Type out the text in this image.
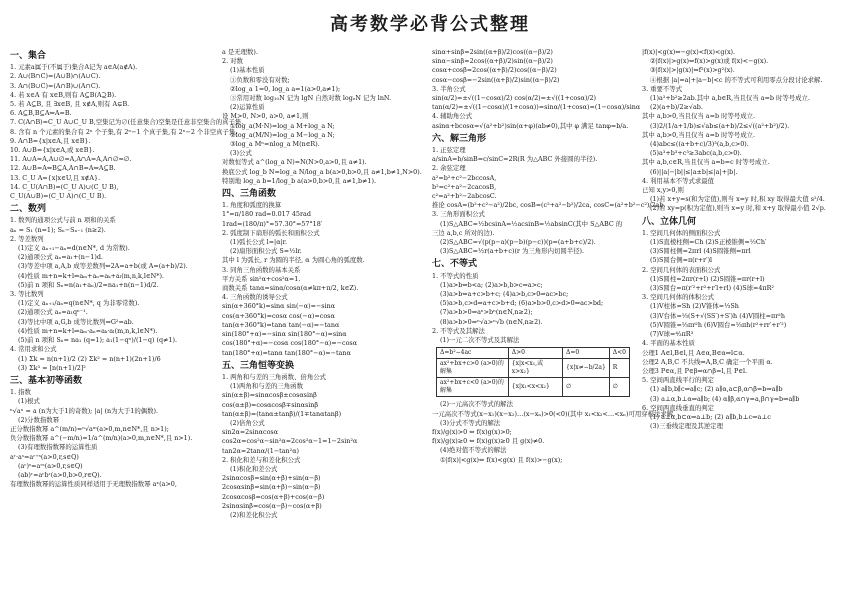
高考数学必背公式整理
一、集合
1. 元素a属于(不属于)集合A记为 a∈A(a∉A).
2. A∪(B∩C)=(A∪B)∩(A∪C).
3. A∩(B∪C)=(A∩B)∪(A∩C).
4. 若 x∈A 有 x∈B,则有 A⊆B(A⊇B).
5. 若 A⊆B, 且 ∃x∈B, 且 x∉A,则有 A⊊B.
6. A⊆B,B⊆A⇔A=B.
7. C(A∩B)=C_U A∪C_U B,空集记为∅(任意集合)空集是任意非空集合的真子集.
8. 含有 n 个元素的集合有 2ⁿ 个子集,有 2ⁿ−1 个真子集,有 2ⁿ−2 个非空真子集.
9. A∩B={x|x∈A,且 x∈B}.
10. A∪B={x|x∈A,或 x∈B}.
11. A∪A=A,A∪∅=A,A∩A=A,A∩∅=∅.
12. A∪B=A⇔B⊆A,A∩B=A⇔A⊆B.
13. C_U A={x|x∈U,且 x∉A}.
14. C_U(A∩B)=(C_U A)∪(C_U B),
C_U(A∪B)=(C_U A)∩(C_U B).
二、数列
1. 数列的通项公式与前 n 项和的关系
aₙ = S₁ (n=1); Sₙ−Sₙ₋₁ (n≥2).
2. 等差数列
(1)定义 aₙ₊₁−aₙ=d(n∈N*, d 为常数).
(2)通项公式 aₙ=a₁+(n−1)d.
(3)等差中项 a,A,b 成等差数列⇔2A=a+b(或 A=(a+b)/2).
(4)性质 m+n=k+l⇒aₘ+aₙ=aₖ+aₗ(m,n,k,l∈N*).
(5)前 n 项和 Sₙ=n(a₁+aₙ)/2=na₁+n(n−1)d/2.
3. 等比数列
(1)定义 aₙ₊₁/aₙ=q(n∈N*, q 为非零常数).
(2)通项公式 aₙ=a₁qⁿ⁻¹.
(3)等比中项 a,G,b 成等比数列⇒G²=ab.
(4)性质 m+n=k+l⇒aₘ·aₙ=aₖ·aₗ(m,n,k,l∈N*).
(5)前 n 项和 Sₙ= na₁ (q=1); a₁(1−qⁿ)/(1−q) (q≠1).
4. 常用求和公式
(1) Σk = n(n+1)/2 (2) Σk² = n(n+1)(2n+1)/6
(3) Σk³ = [n(n+1)/2]²
三、基本初等函数
1. 指数
(1)根式
ⁿ√aⁿ = a (n为大于1的奇数); |a| (n为大于1的偶数).
(2)分数指数幂
正分数指数幂 a^(m/n)=ⁿ√aᵐ(a>0,m,n∈N*,且 n>1);
负分数指数幂 a^(−m/n)=1/a^(m/n)(a>0,m,n∈N*,且 n>1).
(3)有理数指数幂的运算性质
aʳ·aˢ=aʳ⁺ˢ(a>0,r,s∈Q)
(aʳ)ˢ=aʳˢ(a>0,r,s∈Q)
(ab)ʳ=aʳbʳ(a>0,b>0,r∈Q).
有理数指数幂的运算性质同样适用于无理数指数幂 aˣ(a>0,
a 是无理数).
2. 对数
(1)基本性质
①负数和零没有对数;
②log_a 1=0, log_a a=1(a>0,a≠1);
③常用对数 log₁₀N 记为 lgN 自然对数 logₑN 记为 lnN.
(2)运算性质
设 M>0, N>0, a>0, a≠1,则
①log_a(M·N)=log_a M+log_a N;
②log_a(M/N)=log_a M−log_a N;
③log_a Mⁿ=nlog_a M(n∈R).
(3)公式
对数恒等式 a^(log_a N)=N(N>0,a>0,且 a≠1).
换底公式 log_b N=log_a N/log_a b(a>0,b>0,且 a≠1,b≠1,N>0).
特别地 log_a b=1/log_b a(a>0,b>0,且 a≠1,b≠1).
四、三角函数
1. 角度和弧度的换算
1°=π/180 rad≈0.017 45rad
1rad=(180/π)°≈57.30°=57°18′
2. 弧度制下扇形的弧长和面积公式
(1)弧长公式 l=|α|r.
(2)扇形面积公式 S=½lr.
其中 l 为弧长, r 为圆的半径, α 为圆心角的弧度数.
3. 同角三角函数的基本关系
平方关系 sin²α+cos²α=1.
商数关系 tanα=sinα/cosα(α≠kπ+π/2, k∈Z).
4. 三角函数的诱导公式
sin(α+360°k)=sinα sin(−α)=−sinα
cos(α+360°k)=cosα cos(−α)=cosα
tan(α+360°k)=tanα tan(−α)=−tanα
sin(180°+α)=−sinα sin(180°−α)=sinα
cos(180°+α)=−cosα cos(180°−α)=−cosα
tan(180°+α)=tanα tan(180°−α)=−tanα
五、三角恒等变换
1. 两角和与差的三角函数、倍角公式
(1)两角和与差的三角函数
sin(α±β)=sinαcosβ±cosαsinβ
cos(α±β)=cosαcosβ∓sinαsinβ
tan(α±β)=(tanα±tanβ)/(1∓tanαtanβ)
(2)倍角公式
sin2α=2sinαcosα
cos2α=cos²α−sin²α=2cos²α−1=1−2sin²α
tan2α=2tanα/(1−tan²α)
2. 积化和差与和差化积公式
(1)积化和差公式
2sinαcosβ=sin(α+β)+sin(α−β)
2cosαsinβ=sin(α+β)−sin(α−β)
2cosαcosβ=cos(α+β)+cos(α−β)
2sinαsinβ=cos(α−β)−cos(α+β)
(2)和差化积公式
sinα+sinβ=2sin((α+β)/2)cos((α−β)/2)
sinα−sinβ=2cos((α+β)/2)sin((α−β)/2)
cosα+cosβ=2cos((α+β)/2)cos((α−β)/2)
cosα−cosβ=−2sin((α+β)/2)sin((α−β)/2)
3. 半角公式
sin(α/2)=±√((1−cosα)/2) cos(α/2)=±√((1+cosα)/2)
tan(α/2)=±√((1−cosα)/(1+cosα))=sinα/(1+cosα)=(1−cosα)/sinα
4. 辅助角公式
asinα+bcosα=√(a²+b²)sin(α+φ)(ab≠0),其中 φ 满足 tanφ=b/a.
六、解三角形
1. 正弦定理
a/sinA=b/sinB=c/sinC=2R(R 为△ABC 外接圆的半径).
2. 余弦定理
a²=b²+c²−2bccosA,
b²=c²+a²−2cacosB,
c²=a²+b²−2abcosC.
推论 cosA=(b²+c²−a²)/2bc, cosB=(c²+a²−b²)/2ca, cosC=(a²+b²−c²)/2ab.
3. 三角形面积公式
(1)S△ABC=½bcsinA=½acsinB=½absinC(其中 S△ABC 的
三边 a,b,c 所对的边).
(2)S△ABC=√(p(p−a)(p−b)(p−c))(p=(a+b+c)/2).
(3)S△ABC=½r(a+b+c)(r 为三角形内切圆半径).
七、不等式
1. 不等式的性质
(1)a>b⇔b<a; (2)a>b,b>c⇒a>c;
(3)a>b⇔a+c>b+c; (4)a>b,c>0⇒ac>bc;
(5)a>b,c>d⇒a+c>b+d; (6)a>b>0,c>d>0⇒ac>bd;
(7)a>b>0⇒aⁿ>bⁿ(n∈N,n≥2);
(8)a>b>0⇒ⁿ√a>ⁿ√b (n∈N,n≥2).
2. 不等式及其解法
(1)一元二次不等式及其解法
Δ=b²−4ac	Δ>0	Δ=0	Δ<0
ax²+bx+c>0 (a>0)的解集	{x|x<x₁,或 x>x₂}	{x|x≠−b/2a}	R
ax²+bx+c<0 (a>0)的解集	{x|x₁<x<x₂}	∅	∅
(2)一元高次不等式的解法
一元高次不等式(x−x₁)(x−x₂)…(x−xₙ)>0(<0)(其中 x₁<x₂<…<xₙ)可用穿根法求解.
(3)分式不等式的解法
f(x)/g(x)>0 ⇔ f(x)g(x)>0;
f(x)/g(x)≥0 ⇔ f(x)g(x)≥0 且 g(x)≠0.
(4)绝对值不等式的解法
①|f(x)|<g(x)⇔ f(x)<g(x) 且 f(x)>−g(x);
|f(x)|<g(x)⇔−g(x)<f(x)<g(x).
②|f(x)|>g(x)⇔f(x)>g(x)或 f(x)<−g(x).
③|f(x)|>|g(x)|⇔f²(x)>g²(x).
④根据 |a|=a|+|a−b|<c 的不等式可利用零点分段讨论求解.
3. 重要不等式
(1)a²+b²≥2ab.其中 a,b∈R,当且仅当 a=b 时等号成立.
(2)(a+b)/2≥√ab.
其中 a,b>0,当且仅当 a=b 时等号成立.
(3)2/(1/a+1/b)≤√ab≤(a+b)/2≤√((a²+b²)/2).
其中 a,b>0,当且仅当 a=b 时等号成立.
(4)abc≤((a+b+c)/3)³(a,b,c>0).
(5)a³+b³+c³≥3abc(a,b,c>0).
其中 a,b,c∈R,当且仅当 a=b=c 时等号成立.
(6)||a|−|b||≤|a±b|≤|a|+|b|.
4. 利用基本不等式求最值
已知 x,y>0,则
(1)若 x+y=s(和为定值),则当 x=y 时,积 xy 取得最大值 s²/4.
(2)若 xy=p(积为定值),则当 x=y 时,和 x+y 取得最小值 2√p.
八、立体几何
1. 空间几何体的侧面积公式
(1)S直棱柱侧=Ch (2)S正棱锥侧=½Ch′
(3)S圆柱侧=2πrl (4)S圆锥侧=πrl
(5)S圆台侧=π(r+r′)l
2. 空间几何体的表面积公式
(1)S圆柱=2πr(r+l) (2)S圆锥=πr(r+l)
(3)S圆台=π(r′²+r²+r′l+rl) (4)S球=4πR²
3. 空间几何体的体积公式
(1)V柱体=Sh (2)V锥体=⅓Sh
(3)V台体=⅓(S+√(SS′)+S′)h (4)V圆柱=πr²h
(5)V圆锥=⅓πr²h (6)V圆台=⅓πh(r²+rr′+r′²)
(7)V球=⁴⁄₃πR³
4. 平面的基本性质
公理1 A∈l,B∈l,且 A∈α,B∈α⇒l⊂α.
公理2 A,B,C 不共线⇒A,B,C 确定一个平面 α.
公理3 P∈α,且 P∈β⇒α∩β=l,且 P∈l.
5. 空间两直线平行的判定
(1) a∥b,b∥c⇒a∥c; (2) a∥α,a⊂β,α∩β=b⇒a∥b
(3) a⊥α,b⊥α⇒a∥b; (4) α∥β,α∩γ=a,β∩γ=b⇒a∥b
6. 空间两直线垂直的判定
(1) a⊥α,b⊂α⇒a⊥b; (2) a∥b,b⊥c⇒a⊥c
(3)三垂线定理及其逆定理
